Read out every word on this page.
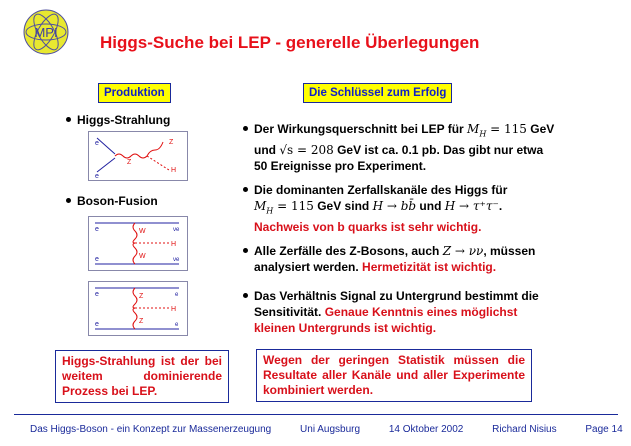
MPI
Higgs-Suche bei LEP - generelle Überlegungen
Produktion
Higgs-Strahlung
e
e
Z
Z
H
Boson-Fusion
e
e
W
W
H
νe
νe
e
e
Z
Z
H
e
e
Higgs-Strahlung ist der bei weitem dominierende Prozess bei LEP.
Die Schlüssel zum Erfolg
Der Wirkungsquerschnitt bei LEP für $M_H = 115$ GeV
und √s = 208 GeV ist ca. 0.1 pb. Das gibt nur etwa
50 Ereignisse pro Experiment.
Die dominanten Zerfallskanäle des Higgs für
$M_H = 115$ GeV sind H → bb̄ und H → τ⁺τ⁻.
Nachweis von b quarks ist sehr wichtig.
Alle Zerfälle des Z-Bosons, auch Z → νν, müssen
analysiert werden. Hermetizität ist wichtig.
Das Verhältnis Signal zu Untergrund bestimmt die
Sensitivität. Genaue Kenntnis eines möglichst
kleinen Untergrunds ist wichtig.
Wegen der geringen Statistik müssen die Resultate aller Kanäle und aller Experimente kombiniert werden.
Das Higgs-Boson - ein Konzept zur Massenerzeugung	Uni Augsburg	14 Oktober 2002	Richard Nisius	Page 14
